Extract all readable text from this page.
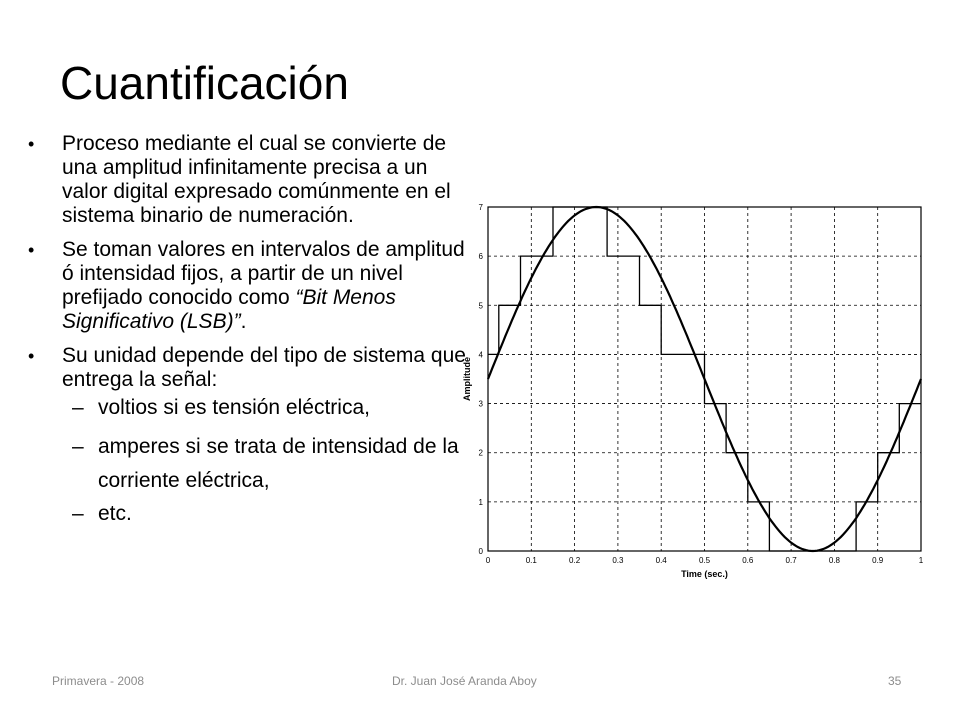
Cuantificación
• Proceso mediante el cual se convierte de una amplitud infinitamente precisa a un valor digital expresado comúnmente en el sistema binario de numeración.
• Se toman valores en intervalos de amplitud ó intensidad fijos, a partir de un nivel prefijado conocido como “Bit Menos Significativo (LSB)”.
• Su unidad depende del tipo de sistema que entrega la señal:
– voltios si es tensión eléctrica,
– amperes si se trata de intensidad de la corriente eléctrica,
– etc.
0	0.1	0.2	0.3	0.4	0.5	0.6	0.7	0.8	0.9	1
0
1
2
3
4
5
6
7
Time (sec.)
Amplitude
Primavera - 2008	Dr. Juan José Aranda Aboy	35
